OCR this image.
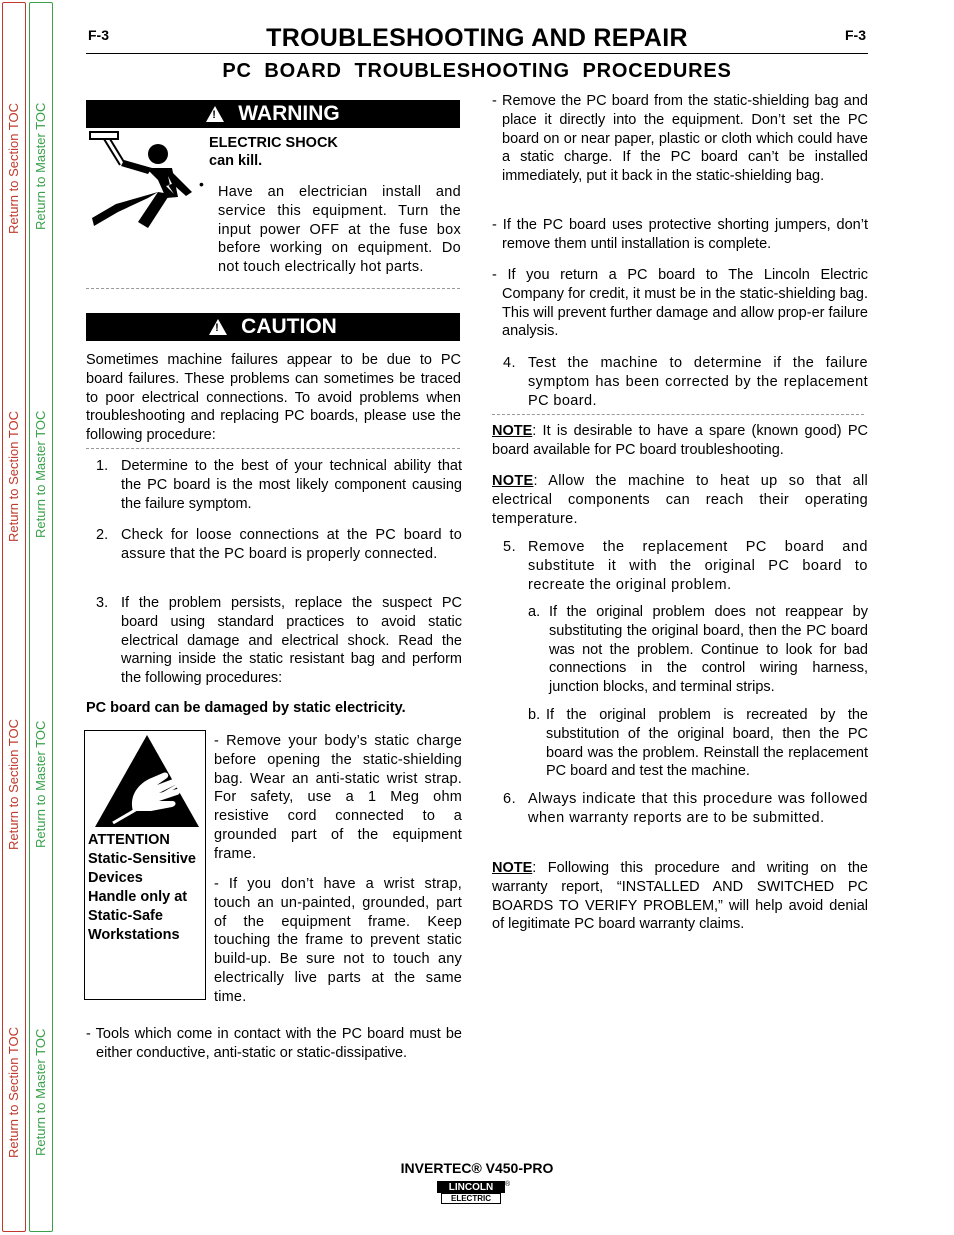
Return to Section TOC
Return to Section TOC
Return to Section TOC
Return to Section TOC
Return to Master TOC
Return to Master TOC
Return to Master TOC
Return to Master TOC
F-3	F-3
TROUBLESHOOTING AND REPAIR
PC  BOARD  TROUBLESHOOTING  PROCEDURES
! WARNING
ELECTRIC SHOCK
can kill.
• Have an electrician install and service this equipment. Turn the input power OFF at the fuse box before working on equipment. Do not touch electrically hot parts.
! CAUTION
Sometimes machine failures appear to be due to PC board failures. These problems can sometimes be traced to poor electrical connections. To avoid problems when troubleshooting and replacing PC boards, please use the following procedure:
1. Determine to the best of your technical ability that the PC board is the most likely component causing the failure symptom.
2. Check for loose connections at the PC board to assure that the PC board is properly connected.
3. If the problem persists, replace the suspect PC board using standard practices to avoid static electrical damage and electrical shock. Read the warning inside the static resistant bag and perform the following procedures:
PC board can be damaged by static electricity.
ATTENTION
Static-Sensitive
Devices
Handle only at
Static-Safe
Workstations
- Remove your body’s static charge before opening the static-shielding bag. Wear an anti-static wrist strap. For safety, use a 1 Meg ohm resistive cord connected to a grounded part of the equipment frame.
- If you don’t have a wrist strap, touch an un-painted, grounded, part of the equipment frame. Keep touching the frame to prevent static build-up. Be sure not to touch any electrically live parts at the same time.
- Tools which come in contact with the PC board must be either conductive, anti-static or static-dissipative.
- Remove the PC board from the static-shielding bag and place it directly into the equipment. Don’t set the PC board on or near paper, plastic or cloth which could have a static charge. If the PC board can’t be installed immediately, put it back in the static-shielding bag.
- If the PC board uses protective shorting jumpers, don’t remove them until installation is complete.
- If you return a PC board to The Lincoln Electric Company for credit, it must be in the static-shielding bag. This will prevent further damage and allow prop-er failure analysis.
4. Test the machine to determine if the failure symptom has been corrected by the replacement PC board.
NOTE: It is desirable to have a spare (known good) PC board available for PC board troubleshooting.
NOTE: Allow the machine to heat up so that all electrical components can reach their operating temperature.
5. Remove the replacement PC board and substitute it with the original PC board to recreate the original problem.
a. If the original problem does not reappear by substituting the original board, then the PC board was not the problem. Continue to look for bad connections in the control wiring harness, junction blocks, and terminal strips.
b. If the original problem is recreated by the substitution of the original board, then the PC board was the problem. Reinstall the replacement PC board and test the machine.
6. Always indicate that this procedure was followed when warranty reports are to be submitted.
NOTE: Following this procedure and writing on the warranty report, “INSTALLED AND SWITCHED PC BOARDS TO VERIFY PROBLEM,” will help avoid denial of legitimate PC board warranty claims.
INVERTEC® V450-PRO
LINCOLN
ELECTRIC
®
